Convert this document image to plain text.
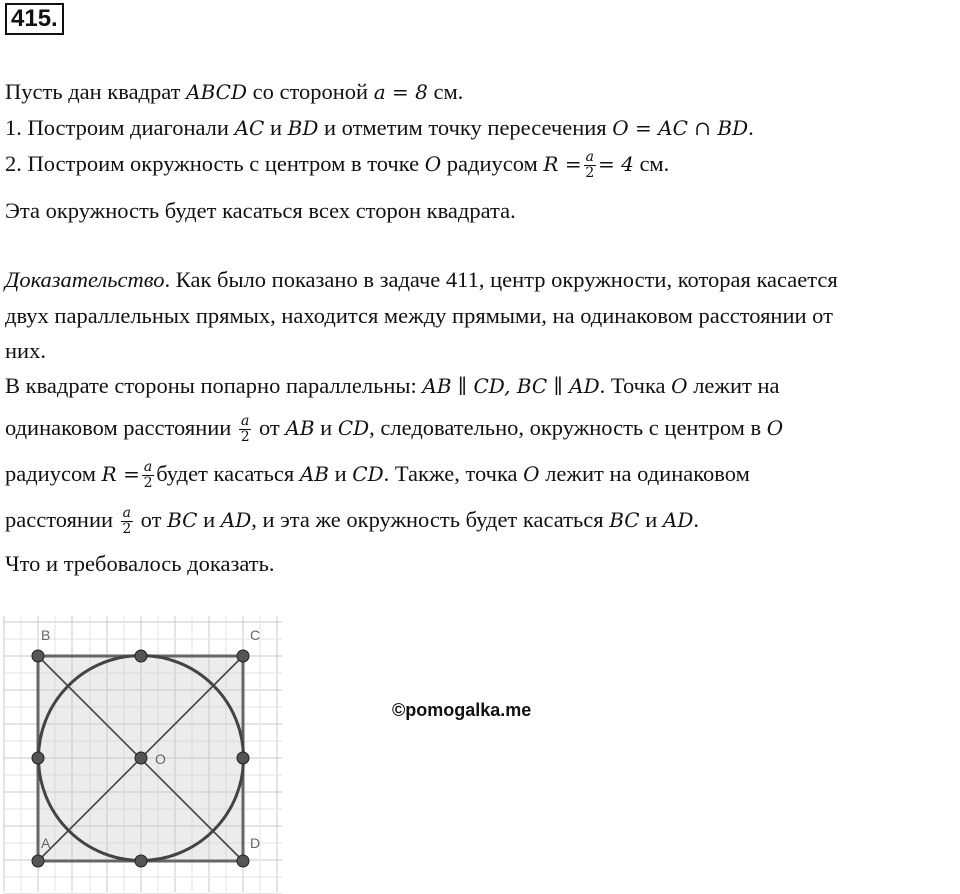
415.
Пусть дан квадрат ABCD со стороной a = 8 см.
1. Построим диагонали AC и BD и отметим точку пересечения O = AC ∩ BD.
2. Построим окружность с центром в точке O радиусом $R = \frac{a}{2} = 4$ см.
Эта окружность будет касаться всех сторон квадрата.
Доказательство. Как было показано в задаче 411, центр окружности, которая касается
двух параллельных прямых, находится между прямыми, на одинаковом расстоянии от
них.
В квадрате стороны попарно параллельны: AB ∥ CD, BC ∥ AD. Точка O лежит на
одинаковом расстоянии $\frac{a}{2}$ от AB и CD, следовательно, окружность с центром в O
радиусом $R = \frac{a}{2}$ будет касаться AB и CD. Также, точка O лежит на одинаковом
расстоянии $\frac{a}{2}$ от BC и AD, и эта же окружность будет касаться BC и AD.
Что и требовалось доказать.
B	C
A	D
O
©pomogalka.me
